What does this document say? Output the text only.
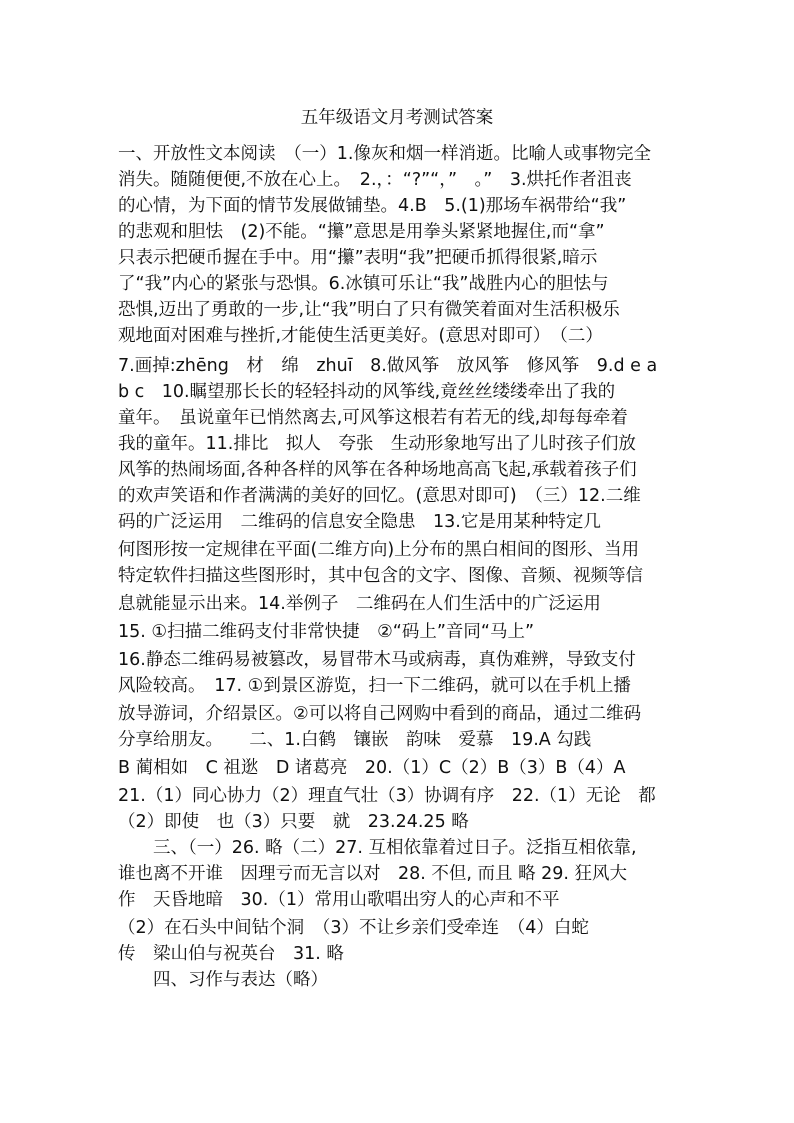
五年级语文月考测试答案
一、开放性文本阅读　（一）1.像灰和烟一样消逝。比喻人或事物完全
消失。随随便便,不放在心上。　2.，：“?”“，”　。”　3.烘托作者沮丧
的心情，为下面的情节发展做铺垫。4.B　5.(1)那场车祸带给“我”
的悲观和胆怯　(2)不能。“攥”意思是用拳头紧紧地握住,而“拿”
只表示把硬币握在手中。用“攥”表明“我”把硬币抓得很紧,暗示
了“我”内心的紧张与恐惧。6.冰镇可乐让“我”战胜内心的胆怯与
恐惧,迈出了勇敢的一步,让“我”明白了只有微笑着面对生活积极乐
观地面对困难与挫折,才能使生活更美好。(意思对即可）　（二）
7.画掉:zhēng　材　绵　zhuī　8.做风筝　放风筝　修风筝　9.d e a
b c　10.瞩望那长长的轻轻抖动的风筝线,竟丝丝缕缕牵出了我的
童年。　虽说童年已悄然离去,可风筝这根若有若无的线,却每每牵着
我的童年。11.排比　拟人　夸张　生动形象地写出了儿时孩子们放
风筝的热闹场面,各种各样的风筝在各种场地高高飞起,承载着孩子们
的欢声笑语和作者满满的美好的回忆。(意思对即可)　（三）12.二维
码的广泛运用　二维码的信息安全隐患　13.它是用某种特定几
何图形按一定规律在平面(二维方向)上分布的黑白相间的图形、当用
特定软件扫描这些图形时，其中包含的文字、图像、音频、视频等信
息就能显示出来。14.举例子　二维码在人们生活中的广泛运用
15. ①扫描二维码支付非常快捷　②“码上”音同“马上”
16.静态二维码易被篡改，易冒带木马或病毒，真伪难辨，导致支付
风险较高。　17. ①到景区游览，扫一下二维码，就可以在手机上播
放导游词，介绍景区。②可以将自己网购中看到的商品，通过二维码
分享给朋友。　　二、1.白鹤　镶嵌　韵味　爱慕　19.A 勾践
B 蔺相如　C 祖逖　D 诸葛亮　20.（1）C（2）B（3）B（4）A
21.（1）同心协力（2）理直气壮（3）协调有序　22.（1）无论　都
（2）即使　也（3）只要　就　23.24.25 略
　　三、（一）26. 略（二）27. 互相依靠着过日子。泛指互相依靠,
谁也离不开谁　因理亏而无言以对　28. 不但, 而且 略 29. 狂风大
作　天昏地暗　30.（1）常用山歌唱出穷人的心声和不平
（2）在石头中间钻个洞　（3）不让乡亲们受牵连　（4）白蛇
传　梁山伯与祝英台　31. 略
　　四、习作与表达（略）
